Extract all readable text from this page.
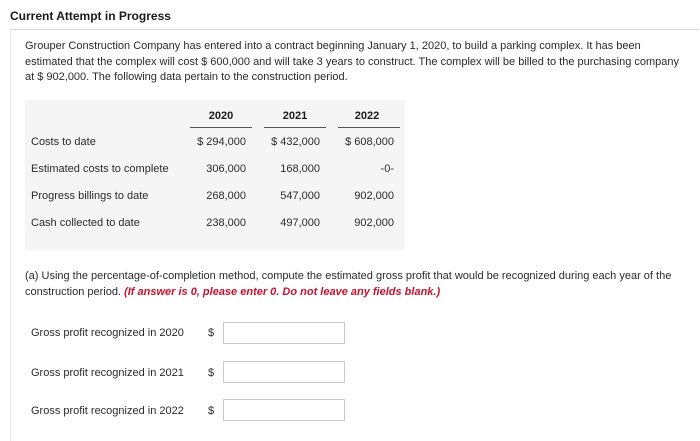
Current Attempt in Progress

Grouper Construction Company has entered into a contract beginning January 1, 2020, to build a parking complex. It has been estimated that the complex will cost $ 600,000 and will take 3 years to construct. The complex will be billed to the purchasing company at $ 902,000. The following data pertain to the construction period.

2020	2021	2022
Costs to date	$ 294,000	$ 432,000	$ 608,000
Estimated costs to complete	306,000	168,000	-0-
Progress billings to date	268,000	547,000	902,000
Cash collected to date	238,000	497,000	902,000

(a) Using the percentage-of-completion method, compute the estimated gross profit that would be recognized during each year of the construction period. (If answer is 0, please enter 0. Do not leave any fields blank.)

Gross profit recognized in 2020 $
Gross profit recognized in 2021 $
Gross profit recognized in 2022 $
